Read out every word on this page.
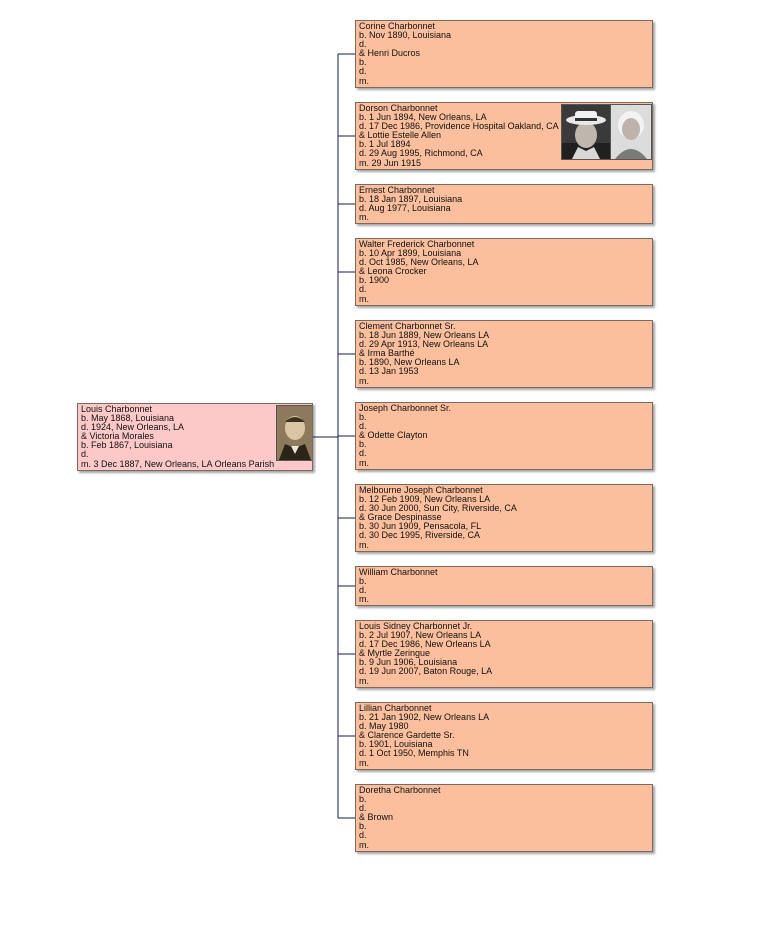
Corine Charbonnet
b. Nov 1890, Louisiana
d.
& Henri Ducros
b.
d.
m.
Dorson Charbonnet
b. 1 Jun 1894, New Orleans, LA
d. 17 Dec 1986, Providence Hospital Oakland, CA
& Lottie Estelle Allen
b. 1 Jul 1894
d. 29 Aug 1995, Richmond, CA
m. 29 Jun 1915
Ernest Charbonnet
b. 18 Jan 1897, Louisiana
d. Aug 1977, Louisiana
m.
Walter Frederick Charbonnet
b. 10 Apr 1899, Louisiana
d. Oct 1985, New Orleans, LA
& Leona Crocker
b. 1900
d.
m.
Clement Charbonnet Sr.
b. 18 Jun 1889, New Orleans LA
d. 29 Apr 1913, New Orleans LA
& Irma Barthé
b. 1890, New Orleans LA
d. 13 Jan 1953
m.
Joseph Charbonnet Sr.
b.
d.
& Odette Clayton
b.
d.
m.
Melbourne Joseph Charbonnet
b. 12 Feb 1909, New Orleans LA
d. 30 Jun 2000, Sun City, Riverside, CA
& Grace Despinasse
b. 30 Jun 1909, Pensacola, FL
d. 30 Dec 1995, Riverside, CA
m.
William Charbonnet
b.
d.
m.
Louis Sidney Charbonnet Jr.
b. 2 Jul 1907, New Orleans LA
d. 17 Dec 1986, New Orleans LA
& Myrtle Zeringue
b. 9 Jun 1906, Louisiana
d. 19 Jun 2007, Baton Rouge, LA
m.
Lillian Charbonnet
b. 21 Jan 1902, New Orleans LA
d. May 1980
& Clarence Gardette Sr.
b. 1901, Louisiana
d. 1 Oct 1950, Memphis TN
m.
Doretha Charbonnet
b.
d.
& Brown
b.
d.
m.
Louis Charbonnet
b. May 1868, Louisiana
d. 1924, New Orleans, LA
& Victoria Morales
b. Feb 1867, Louisiana
d.
m. 3 Dec 1887, New Orleans, LA Orleans Parish
